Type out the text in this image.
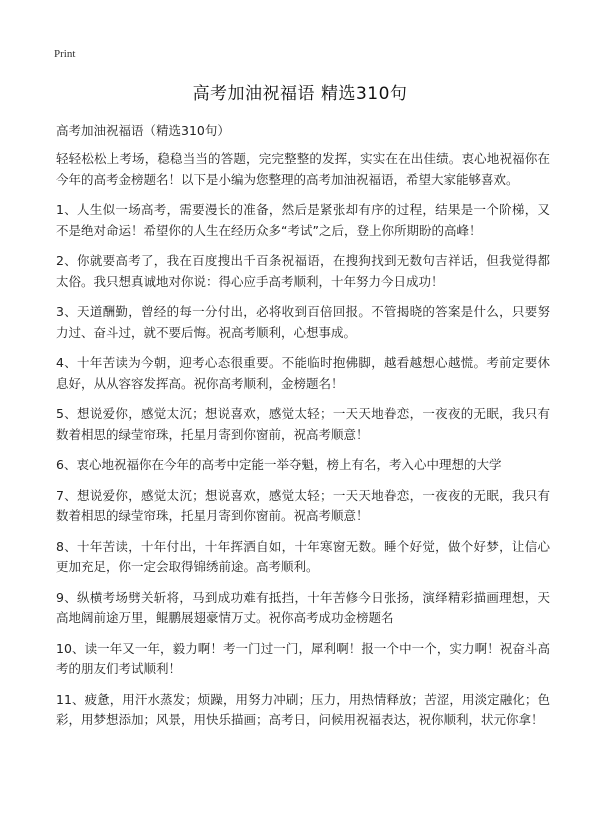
Print
高考加油祝福语 精选310句
高考加油祝福语（精选310句）

轻轻松松上考场，稳稳当当的答题，完完整整的发挥，实实在在出佳绩。衷心地祝福你在今年的高考金榜题名！以下是小编为您整理的高考加油祝福语，希望大家能够喜欢。

1、人生似一场高考，需要漫长的准备，然后是紧张却有序的过程，结果是一个阶梯，又不是绝对命运！希望你的人生在经历众多“考试”之后，登上你所期盼的高峰！

2、你就要高考了，我在百度搜出千百条祝福语，在搜狗找到无数句吉祥话，但我觉得都太俗。我只想真诚地对你说：得心应手高考顺利，十年努力今日成功！

3、天道酬勤，曾经的每一分付出，必将收到百倍回报。不管揭晓的答案是什么，只要努力过、奋斗过，就不要后悔。祝高考顺利，心想事成。

4、十年苦读为今朝，迎考心态很重要。不能临时抱佛脚，越看越想心越慌。考前定要休息好，从从容容发挥高。祝你高考顺利，金榜题名！

5、想说爱你，感觉太沉；想说喜欢，感觉太轻；一天天地眷恋，一夜夜的无眠，我只有数着相思的绿莹帘珠，托星月寄到你窗前，祝高考顺意！

6、衷心地祝福你在今年的高考中定能一举夺魁，榜上有名，考入心中理想的大学

7、想说爱你，感觉太沉；想说喜欢，感觉太轻；一天天地眷恋，一夜夜的无眠，我只有数着相思的绿莹帘珠，托星月寄到你窗前。祝高考顺意！

8、十年苦读，十年付出，十年挥洒自如，十年寒窗无数。睡个好觉，做个好梦，让信心更加充足，你一定会取得锦绣前途。高考顺利。

9、纵横考场劈关斩将，马到成功难有抵挡，十年苦修今日张扬，演绎精彩描画理想，天高地阔前途万里，鲲鹏展翅豪情万丈。祝你高考成功金榜题名

10、读一年又一年，毅力啊！考一门过一门，犀利啊！报一个中一个，实力啊！祝奋斗高考的朋友们考试顺利！

11、疲惫，用汗水蒸发；烦躁，用努力冲刷；压力，用热情释放；苦涩，用淡定融化；色彩，用梦想添加；风景，用快乐描画；高考日，问候用祝福表达，祝你顺利，状元你拿！
